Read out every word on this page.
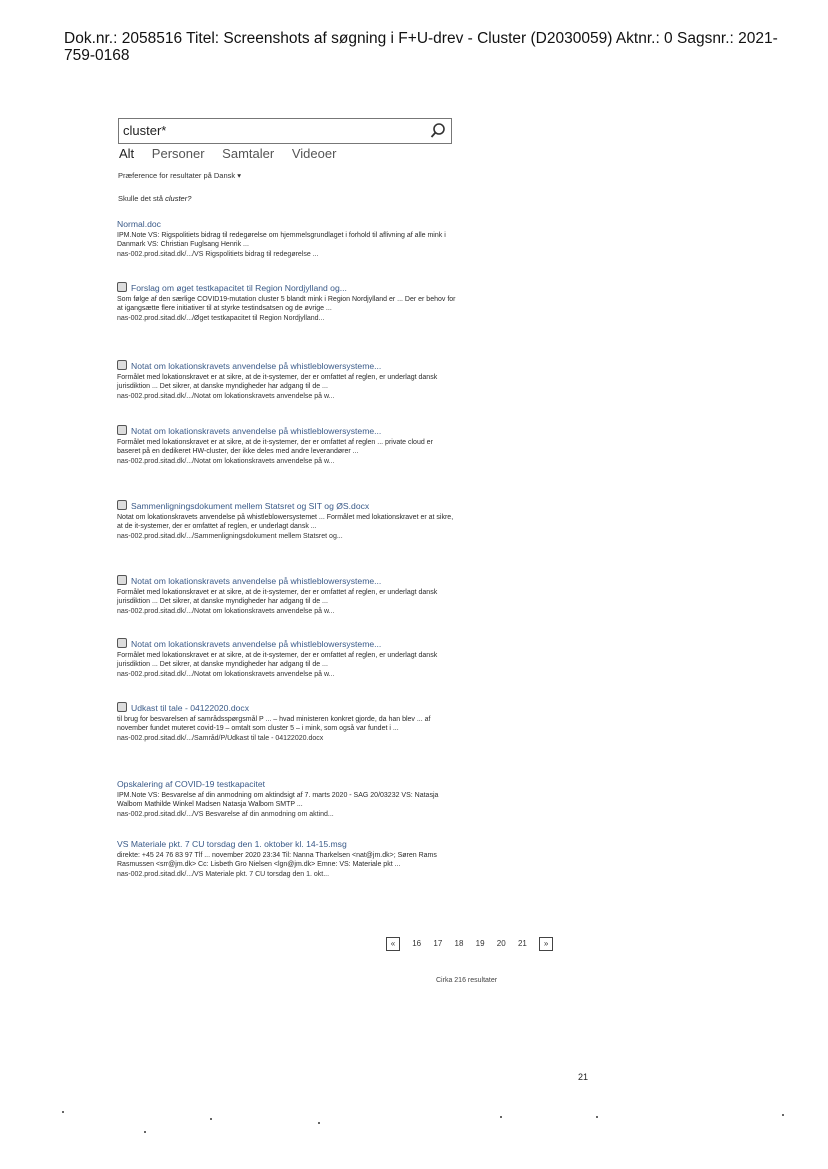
Dok.nr.: 2058516 Titel: Screenshots af søgning i F+U-drev - Cluster (D2030059) Aktnr.: 0 Sagsnr.: 2021-759-0168
cluster*
Alt Personer Samtaler Videoer
Præference for resultater på Dansk ▾
Skulle det stå cluster?
Normal.doc
IPM.Note VS: Rigspolitiets bidrag til redegørelse om hjemmelsgrundlaget i forhold til aflivning af alle mink i Danmark VS: Christian Fuglsang Henrik ...
nas-002.prod.sitad.dk/.../VS Rigspolitiets bidrag til redegørelse ...
Forslag om øget testkapacitet til Region Nordjylland og...
Som følge af den særlige COVID19-mutation cluster 5 blandt mink i Region Nordjylland er ... Der er behov for at igangsætte flere initiativer til at styrke testindsatsen og de øvrige ...
nas-002.prod.sitad.dk/.../Øget testkapacitet til Region Nordjylland...
Notat om lokationskravets anvendelse på whistleblowersysteme...
Formålet med lokationskravet er at sikre, at de it-systemer, der er omfattet af reglen, er underlagt dansk jurisdiktion ... Det sikrer, at danske myndigheder har adgang til de ...
nas-002.prod.sitad.dk/.../Notat om lokationskravets anvendelse på w...
Notat om lokationskravets anvendelse på whistleblowersysteme...
Formålet med lokationskravet er at sikre, at de it-systemer, der er omfattet af reglen ... private cloud er baseret på en dedikeret HW-cluster, der ikke deles med andre leverandører ...
nas-002.prod.sitad.dk/.../Notat om lokationskravets anvendelse på w...
Sammenligningsdokument mellem Statsret og SIT og ØS.docx
Notat om lokationskravets anvendelse på whistleblowersystemet ... Formålet med lokationskravet er at sikre, at de it-systemer, der er omfattet af reglen, er underlagt dansk ...
nas-002.prod.sitad.dk/.../Sammenligningsdokument mellem Statsret og...
Notat om lokationskravets anvendelse på whistleblowersysteme...
Formålet med lokationskravet er at sikre, at de it-systemer, der er omfattet af reglen, er underlagt dansk jurisdiktion ... Det sikrer, at danske myndigheder har adgang til de ...
nas-002.prod.sitad.dk/.../Notat om lokationskravets anvendelse på w...
Notat om lokationskravets anvendelse på whistleblowersysteme...
Formålet med lokationskravet er at sikre, at de it-systemer, der er omfattet af reglen, er underlagt dansk jurisdiktion ... Det sikrer, at danske myndigheder har adgang til de ...
nas-002.prod.sitad.dk/.../Notat om lokationskravets anvendelse på w...
Udkast til tale - 04122020.docx
til brug for besvarelsen af samrådsspørgsmål P ... – hvad ministeren konkret gjorde, da han blev ... af november fundet muteret covid-19 – omtalt som cluster 5 – i mink, som også var fundet i ...
nas-002.prod.sitad.dk/.../Samråd/P/Udkast til tale - 04122020.docx
Opskalering af COVID-19 testkapacitet
IPM.Note VS: Besvarelse af din anmodning om aktindsigt af 7. marts 2020 - SAG 20/03232 VS: Natasja Walbom Mathilde Winkel Madsen Natasja Walbom SMTP ...
nas-002.prod.sitad.dk/.../VS Besvarelse af din anmodning om aktind...
VS Materiale pkt. 7 CU torsdag den 1. oktober kl. 14-15.msg
direkte: +45 24 76 83 97 Tlf ... november 2020 23:34 Til: Nanna Tharkelsen <nat@jm.dk>; Søren Rams Rasmussen <srr@jm.dk> Cc: Lisbeth Gro Nielsen <lgn@jm.dk> Emne: VS: Materiale pkt ...
nas-002.prod.sitad.dk/.../VS Materiale pkt. 7 CU torsdag den 1. okt...
« 16 17 18 19 20 21 »
Cirka 216 resultater
21
